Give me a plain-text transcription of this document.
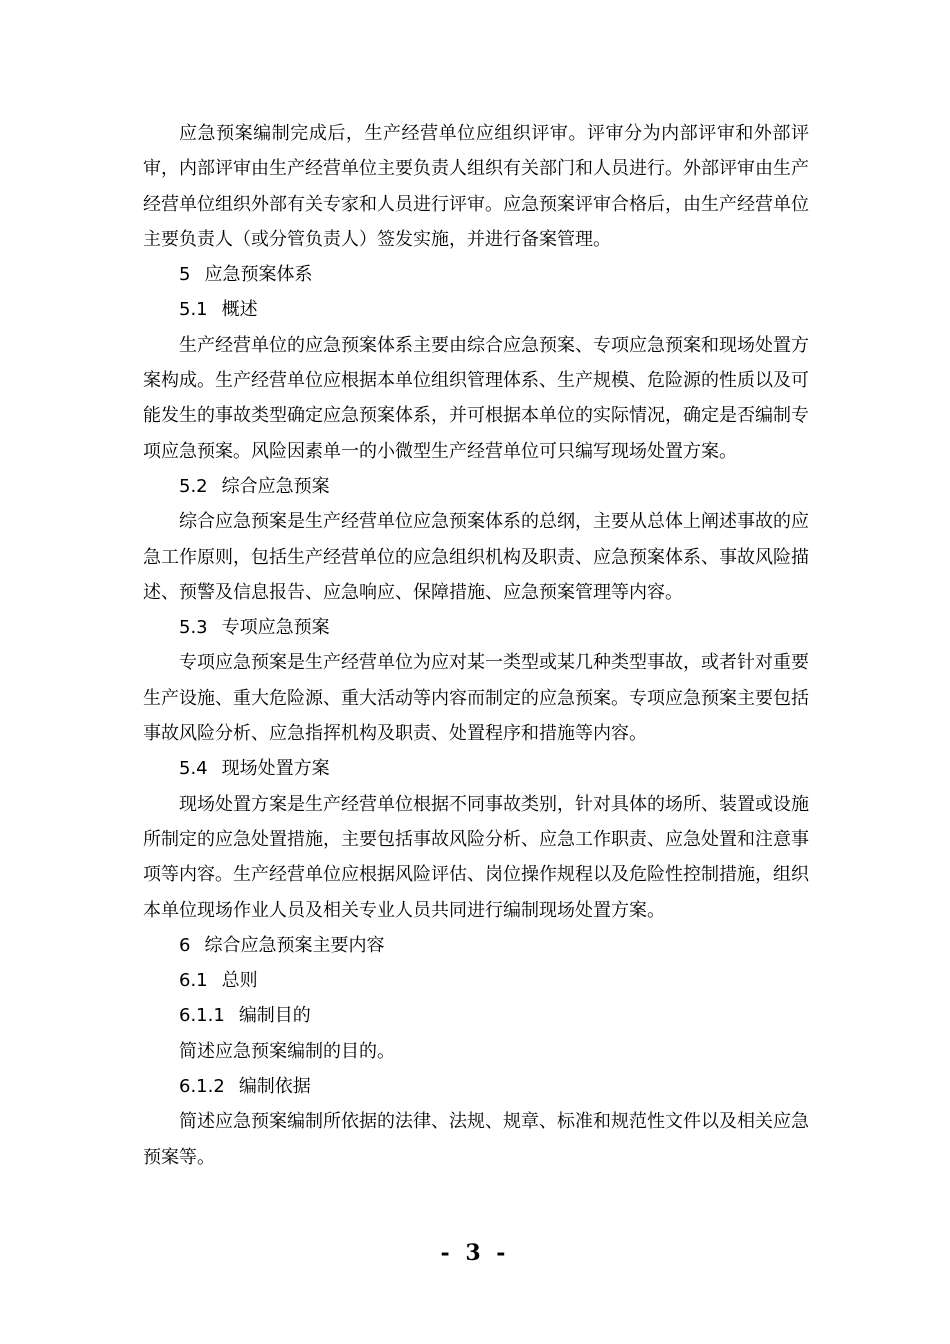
应急预案编制完成后，生产经营单位应组织评审。评审分为内部评审和外部评审，内部评审由生产经营单位主要负责人组织有关部门和人员进行。外部评审由生产经营单位组织外部有关专家和人员进行评审。应急预案评审合格后，由生产经营单位主要负责人（或分管负责人）签发实施，并进行备案管理。

5 应急预案体系

5.1 概述

生产经营单位的应急预案体系主要由综合应急预案、专项应急预案和现场处置方案构成。生产经营单位应根据本单位组织管理体系、生产规模、危险源的性质以及可能发生的事故类型确定应急预案体系，并可根据本单位的实际情况，确定是否编制专项应急预案。风险因素单一的小微型生产经营单位可只编写现场处置方案。

5.2 综合应急预案

综合应急预案是生产经营单位应急预案体系的总纲，主要从总体上阐述事故的应急工作原则，包括生产经营单位的应急组织机构及职责、应急预案体系、事故风险描述、预警及信息报告、应急响应、保障措施、应急预案管理等内容。

5.3 专项应急预案

专项应急预案是生产经营单位为应对某一类型或某几种类型事故，或者针对重要生产设施、重大危险源、重大活动等内容而制定的应急预案。专项应急预案主要包括事故风险分析、应急指挥机构及职责、处置程序和措施等内容。

5.4 现场处置方案

现场处置方案是生产经营单位根据不同事故类别，针对具体的场所、装置或设施所制定的应急处置措施，主要包括事故风险分析、应急工作职责、应急处置和注意事项等内容。生产经营单位应根据风险评估、岗位操作规程以及危险性控制措施，组织本单位现场作业人员及相关专业人员共同进行编制现场处置方案。

6 综合应急预案主要内容

6.1 总则

6.1.1 编制目的

简述应急预案编制的目的。

6.1.2 编制依据

简述应急预案编制所依据的法律、法规、规章、标准和规范性文件以及相关应急预案等。

- 3 -
